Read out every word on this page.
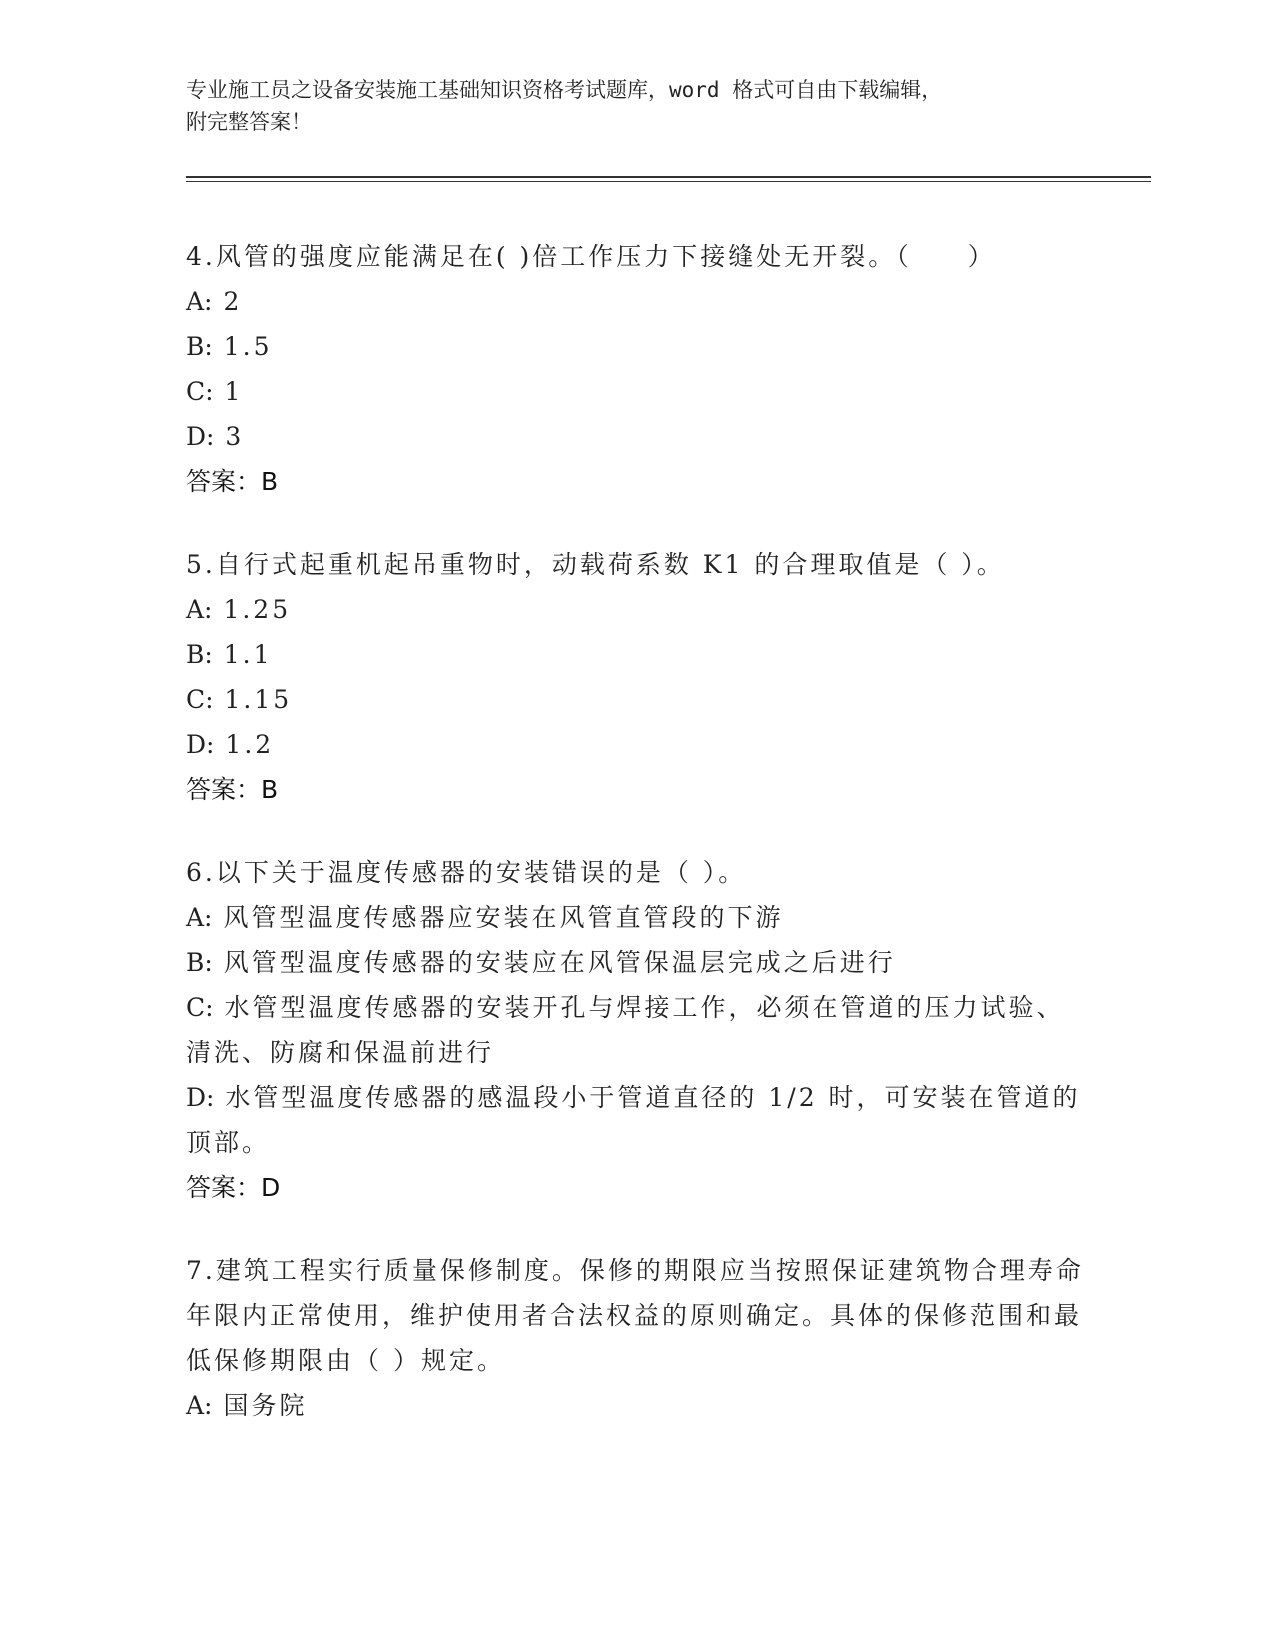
专业施工员之设备安装施工基础知识资格考试题库，word 格式可自由下载编辑，
附完整答案！
4.风管的强度应能满足在( )倍工作压力下接缝处无开裂。（　　）
A: 2
B: 1.5
C: 1
D: 3
答案：B
5.自行式起重机起吊重物时，动载荷系数 K1 的合理取值是（ ）。
A: 1.25
B: 1.1
C: 1.15
D: 1.2
答案：B
6.以下关于温度传感器的安装错误的是（ ）。
A: 风管型温度传感器应安装在风管直管段的下游
B: 风管型温度传感器的安装应在风管保温层完成之后进行
C: 水管型温度传感器的安装开孔与焊接工作，必须在管道的压力试验、清洗、防腐和保温前进行
D: 水管型温度传感器的感温段小于管道直径的 1/2 时，可安装在管道的顶部。
答案：D
7.建筑工程实行质量保修制度。保修的期限应当按照保证建筑物合理寿命年限内正常使用，维护使用者合法权益的原则确定。具体的保修范围和最低保修期限由（ ）规定。
A: 国务院
